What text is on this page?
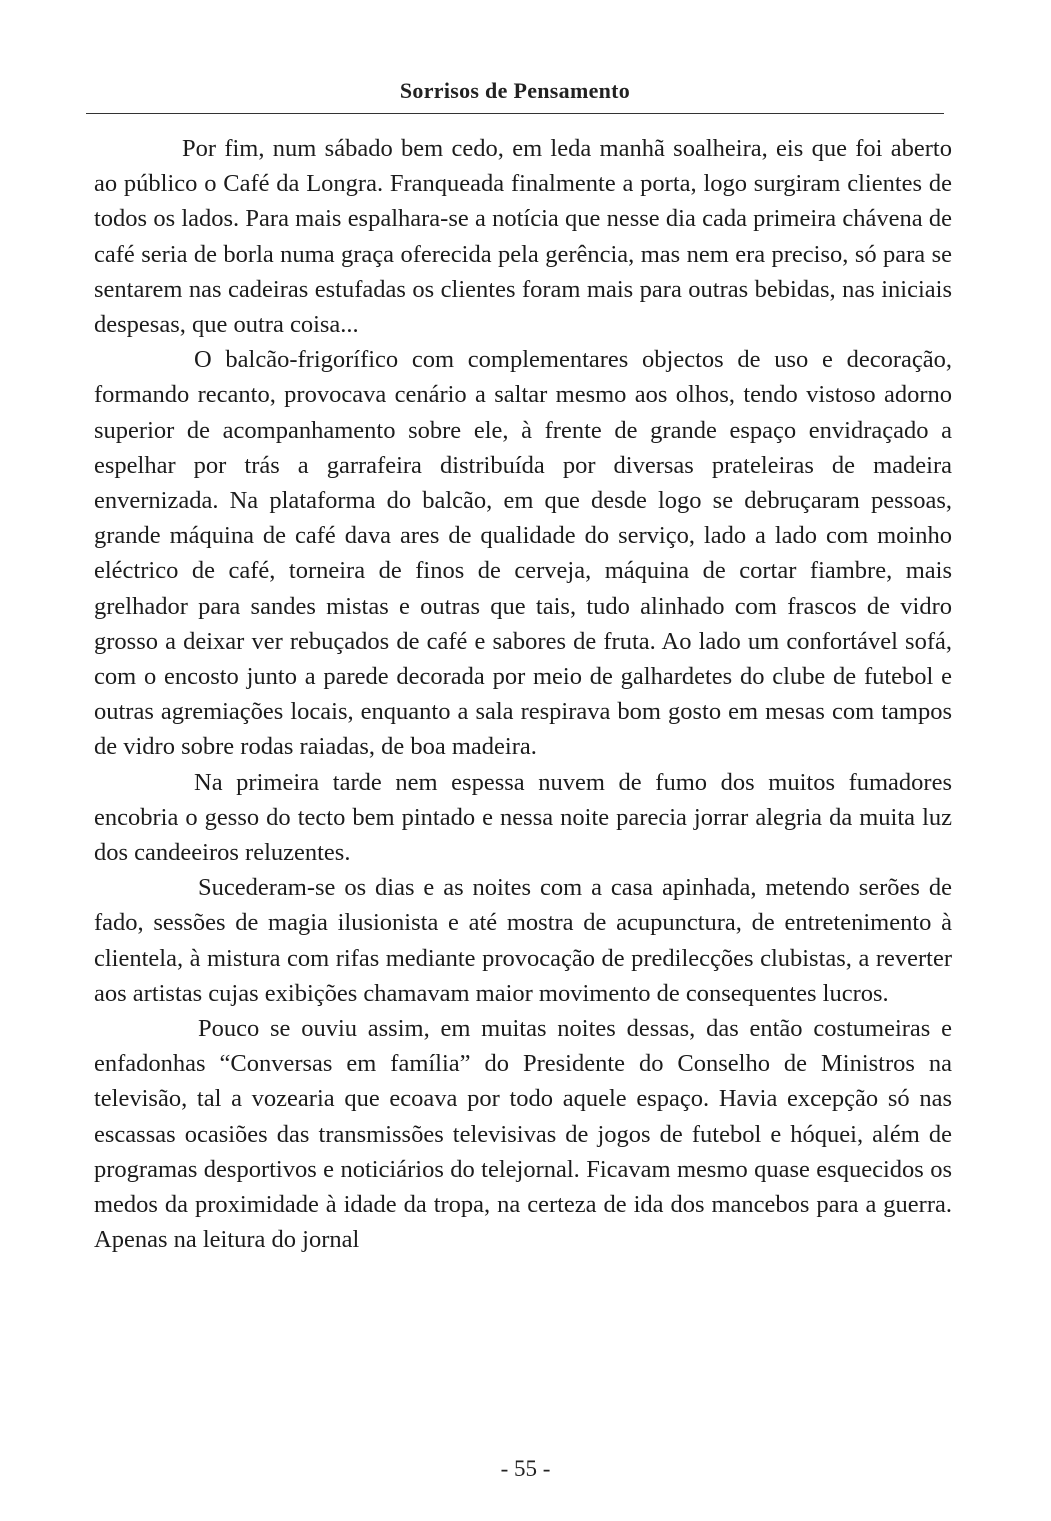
Sorrisos de Pensamento

Por fim, num sábado bem cedo, em leda manhã soalheira, eis que foi aberto ao público o Café da Longra. Franqueada finalmente a porta, logo surgiram clientes de todos os lados. Para mais espalhara-se a notícia que nesse dia cada primeira chávena de café seria de borla numa graça oferecida pela gerência, mas nem era preciso, só para se sentarem nas cadeiras estufadas os clientes foram mais para outras bebidas, nas iniciais despesas, que outra coisa...

O balcão-frigorífico com complementares objectos de uso e decoração, formando recanto, provocava cenário a saltar mesmo aos olhos, tendo vistoso adorno superior de acompanhamento sobre ele, à frente de grande espaço envidraçado a espelhar por trás a garrafeira distribuída por diversas prateleiras de madeira envernizada. Na plataforma do balcão, em que desde logo se debruçaram pessoas, grande máquina de café dava ares de qualidade do serviço, lado a lado com moinho eléctrico de café, torneira de finos de cerveja, máquina de cortar fiambre, mais grelhador para sandes mistas e outras que tais, tudo alinhado com frascos de vidro grosso a deixar ver rebuçados de café e sabores de fruta. Ao lado um confortável sofá, com o encosto junto a parede decorada por meio de galhardetes do clube de futebol e outras agremiações locais, enquanto a sala respirava bom gosto em mesas com tampos de vidro sobre rodas raiadas, de boa madeira.

Na primeira tarde nem espessa nuvem de fumo dos muitos fumadores encobria o gesso do tecto bem pintado e nessa noite parecia jorrar alegria da muita luz dos candeeiros reluzentes.

Sucederam-se os dias e as noites com a casa apinhada, metendo serões de fado, sessões de magia ilusionista e até mostra de acupunctura, de entretenimento à clientela, à mistura com rifas mediante provocação de predilecções clubistas, a reverter aos artistas cujas exibições chamavam maior movimento de consequentes lucros.

Pouco se ouviu assim, em muitas noites dessas, das então costumeiras e enfadonhas “Conversas em família” do Presidente do Conselho de Ministros na televisão, tal a vozearia que ecoava por todo aquele espaço. Havia excepção só nas escassas ocasiões das transmissões televisivas de jogos de futebol e hóquei, além de programas desportivos e noticiários do telejornal. Ficavam mesmo quase esquecidos os medos da proximidade à idade da tropa, na certeza de ida dos mancebos para a guerra. Apenas na leitura do jornal

- 55 -
